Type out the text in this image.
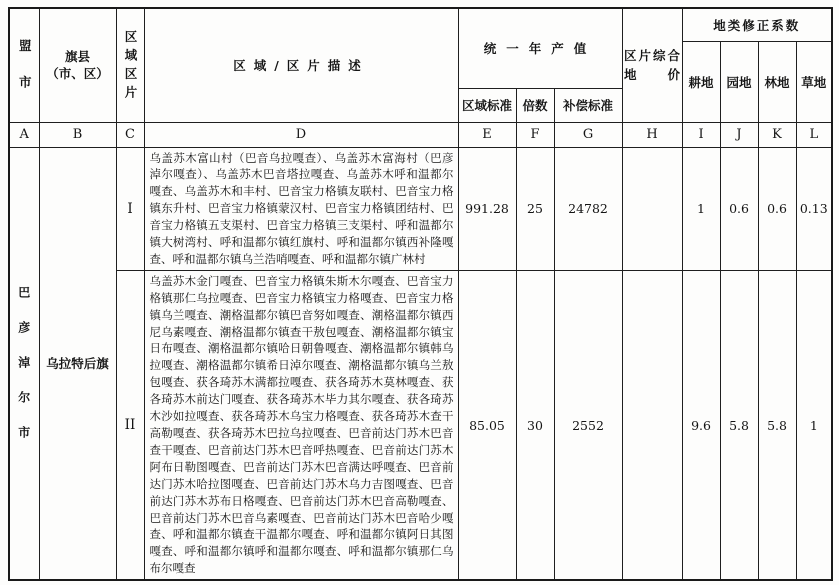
盟市	旗县
（市、区）	区域区片	区域/区片描述	统一年产值			区片综合地价	地类修正系数			
								耕地	园地	林地	草地
				区域标准	倍数	补偿标准					
A	B	C	D	E	F	G	H	I	J	K	L
巴彦淖尔市	乌拉特后旗	I	乌盖苏木富山村（巴音乌拉嘎查）、乌盖苏木富海村（巴彦淖尔嘎查）、乌盖苏木巴音塔拉嘎查、乌盖苏木呼和温都尔嘎查、乌盖苏木和丰村、巴音宝力格镇友联村、巴音宝力格镇东升村、巴音宝力格镇蒙汉村、巴音宝力格镇团结村、巴音宝力格镇五支渠村、巴音宝力格镇三支渠村、呼和温都尔镇大树湾村、呼和温都尔镇红旗村、呼和温都尔镇西补隆嘎查、呼和温都尔镇乌兰浩哨嘎查、呼和温都尔镇广林村	991.28	25	24782		1	0.6	0.6	0.13
		II	乌盖苏木金门嘎查、巴音宝力格镇朱斯木尔嘎查、巴音宝力格镇那仁乌拉嘎查、巴音宝力格镇宝力格嘎查、巴音宝力格镇乌兰嘎查、潮格温都尔镇巴音努如嘎查、潮格温都尔镇西尼乌素嘎查、潮格温都尔镇查干敖包嘎查、潮格温都尔镇宝日布嘎查、潮格温都尔镇哈日朝鲁嘎查、潮格温都尔镇韩乌拉嘎查、潮格温都尔镇希日淖尔嘎查、潮格温都尔镇乌兰敖包嘎查、获各琦苏木满都拉嘎查、获各琦苏木莫林嘎查、获各琦苏木前达门嘎查、获各琦苏木毕力其尔嘎查、获各琦苏木沙如拉嘎查、获各琦苏木乌宝力格嘎查、获各琦苏木查干高勒嘎查、获各琦苏木巴拉乌拉嘎查、巴音前达门苏木巴音查干嘎查、巴音前达门苏木巴音呼热嘎查、巴音前达门苏木阿布日勒图嘎查、巴音前达门苏木巴音满达呼嘎查、巴音前达门苏木哈拉图嘎查、巴音前达门苏木乌力吉图嘎查、巴音前达门苏木苏布日格嘎查、巴音前达门苏木巴音高勒嘎查、巴音前达门苏木巴音乌素嘎查、巴音前达门苏木巴音哈少嘎查、呼和温都尔镇查干温都尔嘎查、呼和温都尔镇阿日其图嘎查、呼和温都尔镇呼和温都尔嘎查、呼和温都尔镇那仁乌布尔嘎查	85.05	30	2552		9.6	5.8	5.8	1
